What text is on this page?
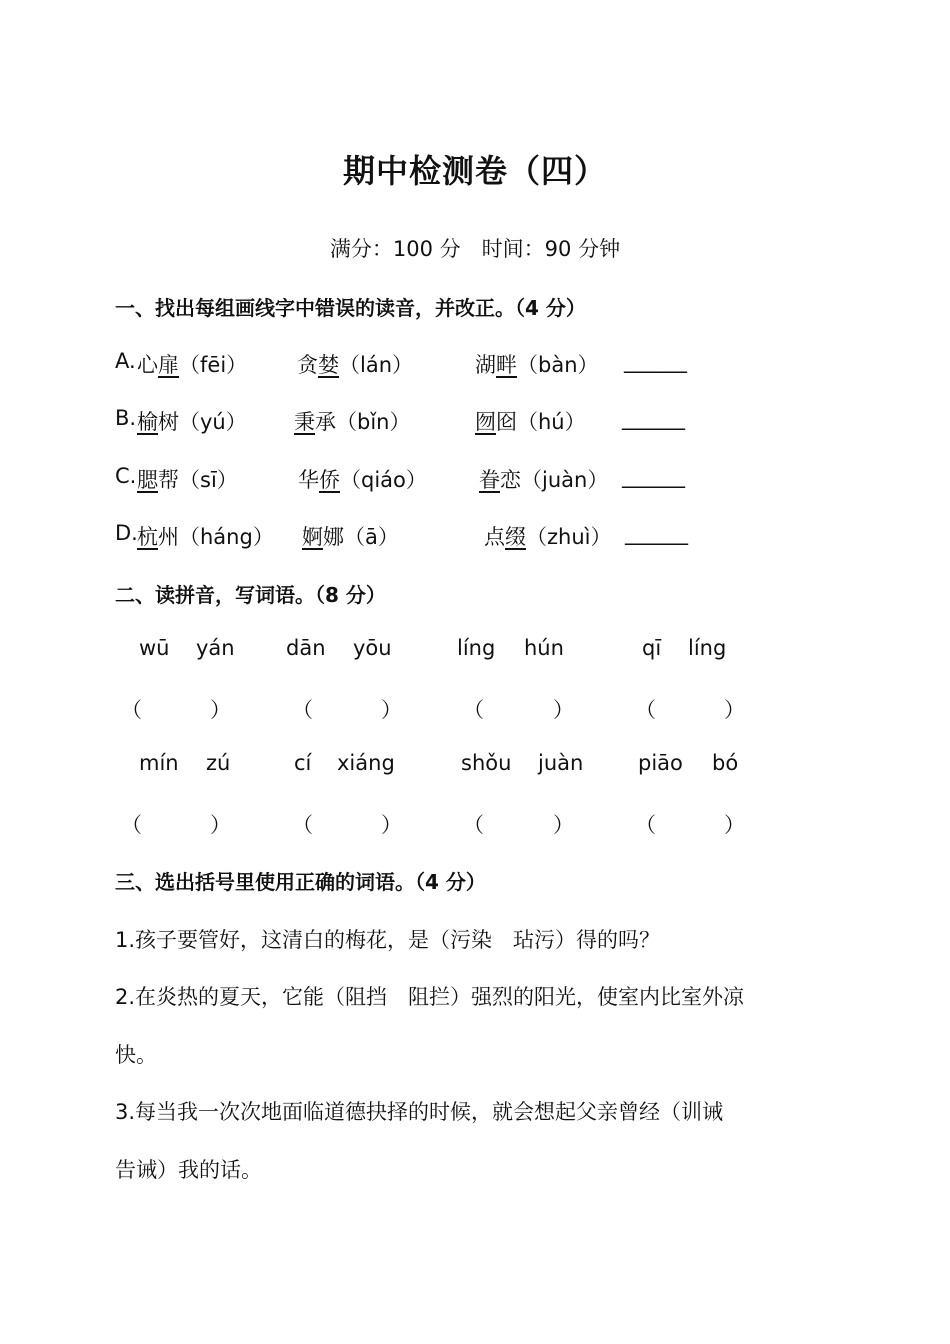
期中检测卷（四）
满分：100 分　时间：90 分钟
一、找出每组画线字中错误的读音，并改正。（4 分）
A. 心扉（fēi） 贪婪（lán）	湖畔（bàn） ______
B. 榆树（yú） 秉承（bǐn）	囫囵（hú） ______
C. 腮帮（sī）	华侨（qiáo） 眷恋（juàn） ______
D. 杭州（háng） 婀娜（ā）	点缀（zhuì） ______
二、读拼音，写词语。（8 分）
wū yán dān yōu	líng hún	qī líng
（	）	（	）	（	）	（	）
mín zú	cí xiáng	shǒu juàn	piāo bó
（	）	（	）	（	）	（	）
三、选出括号里使用正确的词语。（4 分）
1.孩子要管好，这清白的梅花，是（污染　玷污）得的吗？
2.在炎热的夏天，它能（阻挡　阻拦）强烈的阳光，使室内比室外凉
快。
3.每当我一次次地面临道德抉择的时候，就会想起父亲曾经（训诫
告诫）我的话。
